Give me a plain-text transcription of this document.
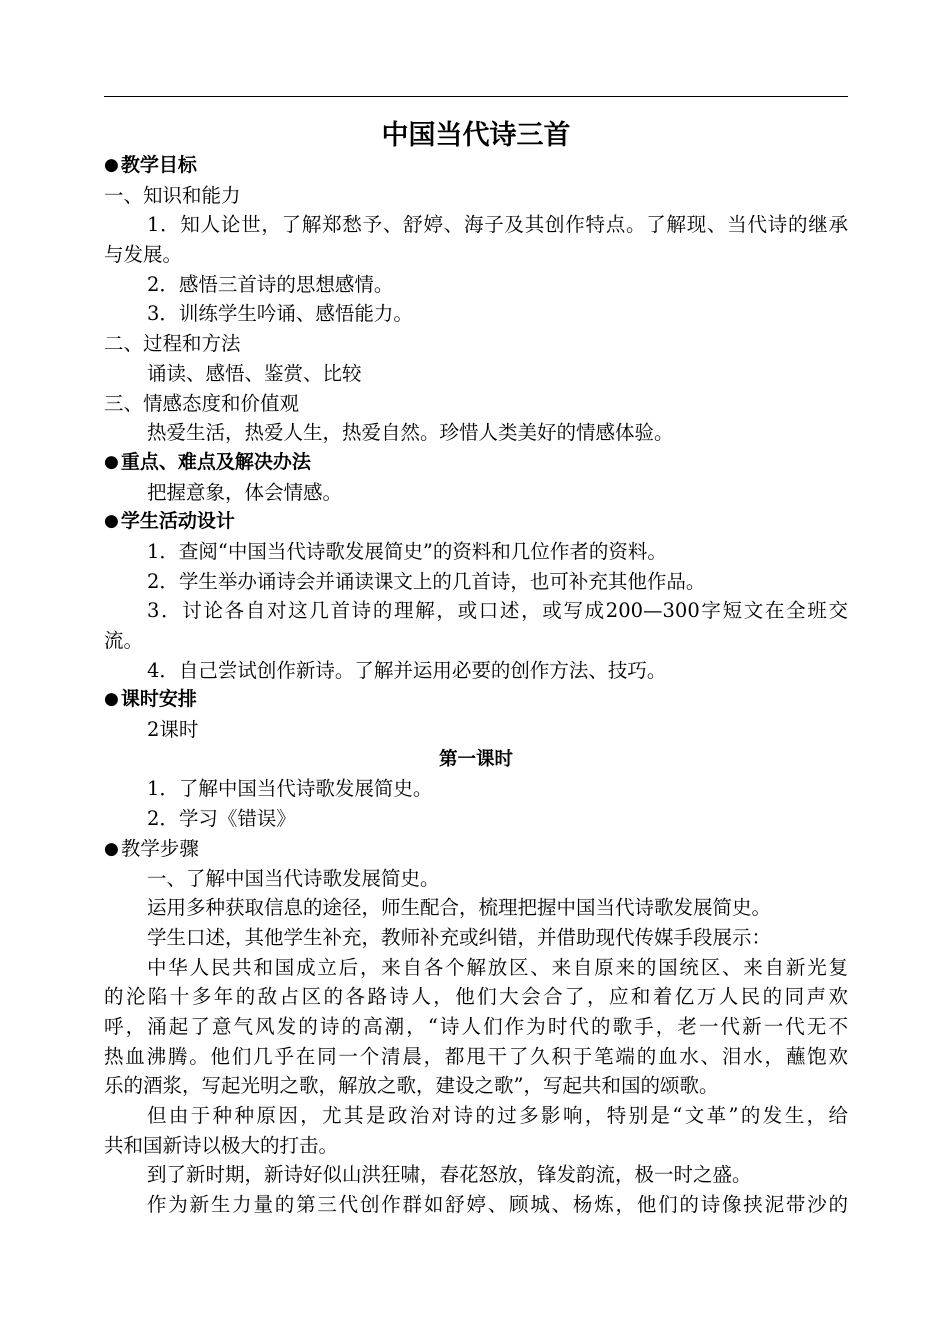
中国当代诗三首
● 教学目标
一、知识和能力
1．知人论世，了解郑愁予、舒婷、海子及其创作特点。了解现、当代诗的继承
与发展。
2．感悟三首诗的思想感情。
3．训练学生吟诵、感悟能力。
二、过程和方法
诵读、感悟、鉴赏、比较
三、情感态度和价值观
热爱生活，热爱人生，热爱自然。珍惜人类美好的情感体验。
● 重点、难点及解决办法
把握意象，体会情感。
● 学生活动设计
1．查阅“中国当代诗歌发展简史”的资料和几位作者的资料。
2．学生举办诵诗会并诵读课文上的几首诗，也可补充其他作品。
3．讨论各自对这几首诗的理解，或口述，或写成200—300字短文在全班交
流。
4．自己尝试创作新诗。了解并运用必要的创作方法、技巧。
● 课时安排
2课时
第一课时
1．了解中国当代诗歌发展简史。
2．学习《错误》
● 教学步骤
一、了解中国当代诗歌发展简史。
运用多种获取信息的途径，师生配合，梳理把握中国当代诗歌发展简史。
学生口述，其他学生补充，教师补充或纠错，并借助现代传媒手段展示：
中华人民共和国成立后，来自各个解放区、来自原来的国统区、来自新光复
的沦陷十多年的敌占区的各路诗人，他们大会合了，应和着亿万人民的同声欢
呼，涌起了意气风发的诗的高潮，“诗人们作为时代的歌手，老一代新一代无不
热血沸腾。他们几乎在同一个清晨，都甩干了久积于笔端的血水、泪水，蘸饱欢
乐的酒浆，写起光明之歌，解放之歌，建设之歌”，写起共和国的颂歌。
但由于种种原因，尤其是政治对诗的过多影响，特别是“文革”的发生，给
共和国新诗以极大的打击。
到了新时期，新诗好似山洪狂啸，春花怒放，锋发韵流，极一时之盛。
作为新生力量的第三代创作群如舒婷、顾城、杨炼，他们的诗像挟泥带沙的
